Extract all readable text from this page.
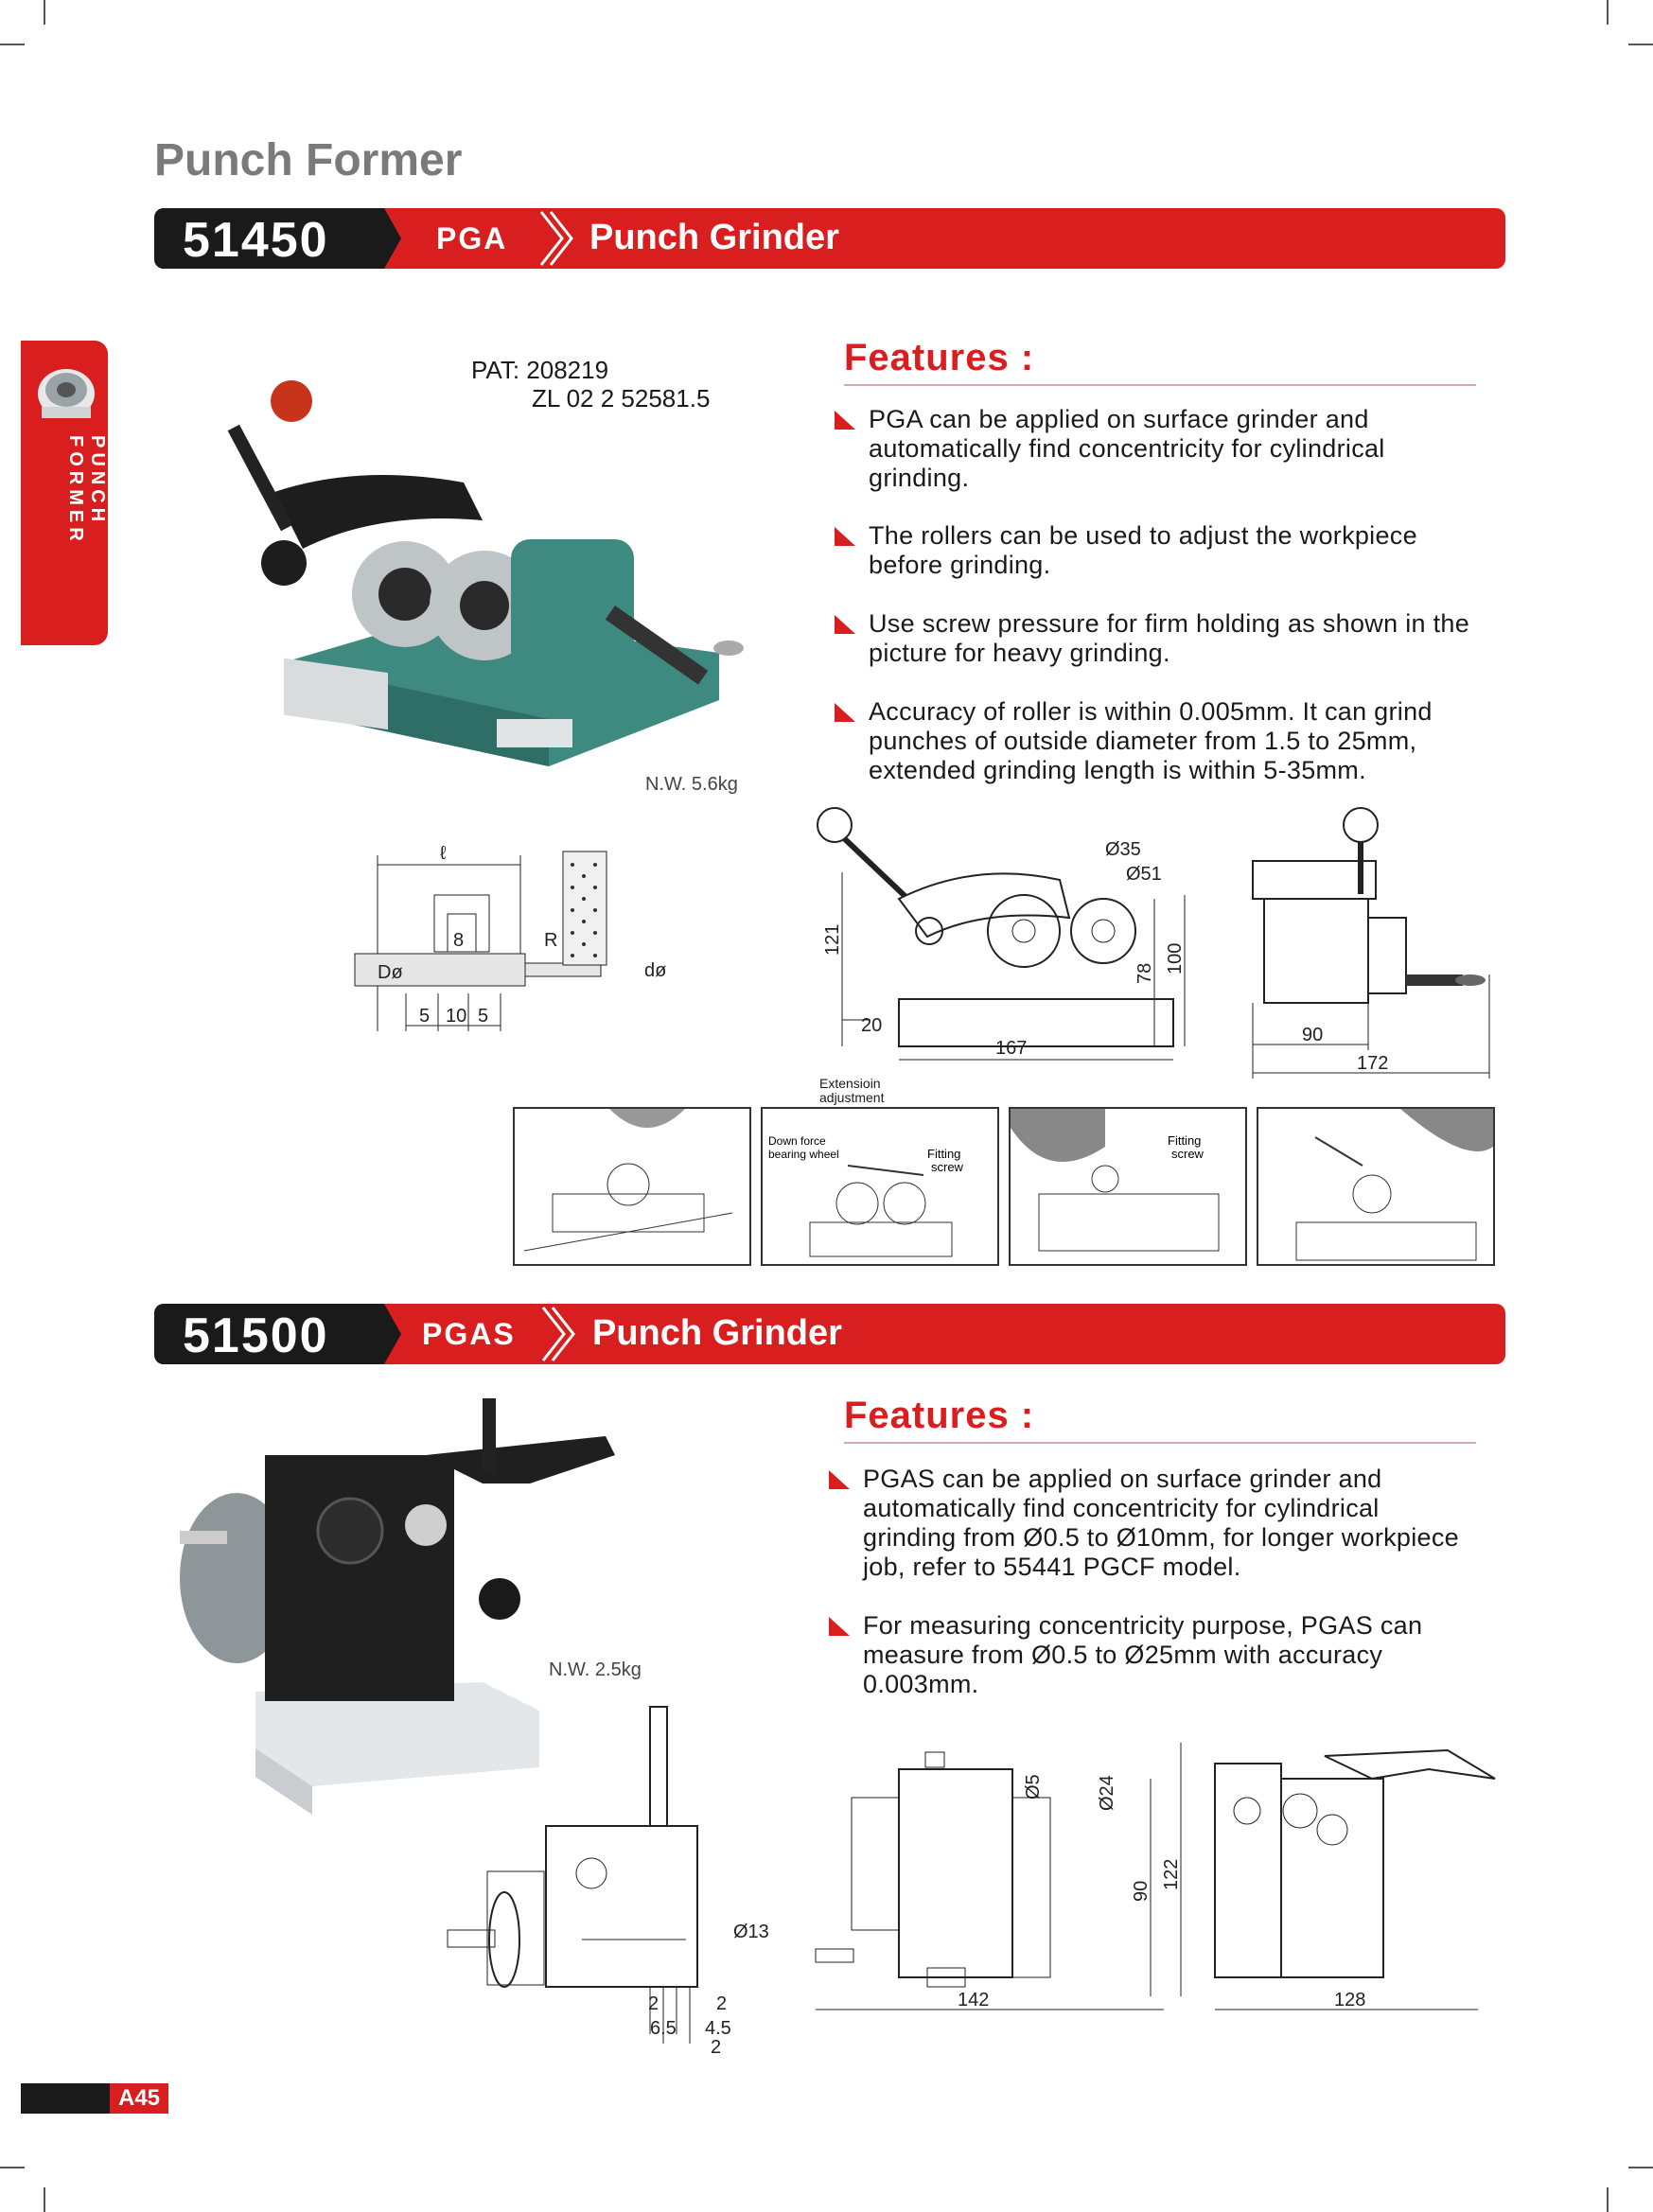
Punch Former
PUNCH FORMER
51450	PGA Punch Grinder
PAT: 208219
ZL 02 2 52581.5
N.W. 5.6kg
Features :
PGA can be applied on surface grinder and automatically find concentricity for cylindrical grinding.
The rollers can be used to adjust the workpiece before grinding.
Use screw pressure for firm holding as shown in the picture for heavy grinding.
Accuracy of roller is within 0.005mm. It can grind punches of outside diameter from 1.5 to 25mm, extended grinding length is within 5-35mm.
ℓ
8	R
Dø	dø
5 10 5
Ø35
Ø51
121
20
167
78 100
Extensioin
adjustment
90
172
Down force
bearing wheel	Fitting
screw
Fitting
screw
51500	PGAS Punch Grinder
N.W. 2.5kg
Features :
PGAS can be applied on surface grinder and automatically find concentricity for cylindrical grinding from Ø0.5 to Ø10mm, for longer workpiece job, refer to 55441 PGCF model.
For measuring concentricity purpose, PGAS can measure from Ø0.5 to Ø25mm with accuracy 0.003mm.
Ø13
2	2
6.5 4.5
2
Ø5	Ø24
90
122
142	128
A45
